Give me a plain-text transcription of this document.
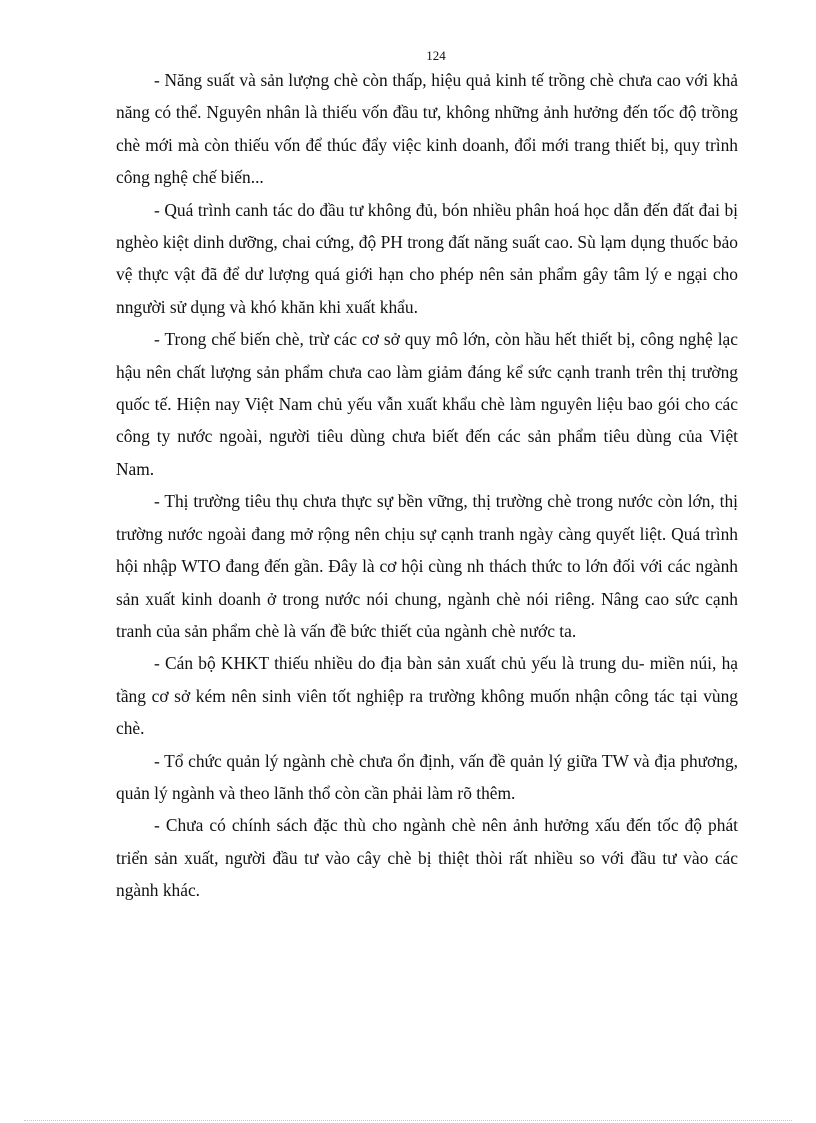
124

- Năng suất và sản lượng chè còn thấp, hiệu quả kinh tế trồng chè chưa cao với khả năng có thể. Nguyên nhân là thiếu vốn đầu tư, không những ảnh hưởng đến tốc độ trồng chè mới mà còn thiếu vốn để thúc đẩy việc kinh doanh, đổi mới trang thiết bị, quy trình công nghệ chế biến...

- Quá trình canh tác do đầu tư không đủ, bón nhiều phân hoá học dẫn đến đất đai bị nghèo kiệt dinh dưỡng, chai cứng, độ PH trong đất năng suất cao. Sù lạm dụng thuốc bảo vệ thực vật đã để dư lượng quá giới hạn cho phép nên sản phẩm gây tâm lý e ngại cho nngười sử dụng và khó khăn khi xuất khẩu.

- Trong chế biến chè, trừ các cơ sở quy mô lớn, còn hầu hết thiết bị, công nghệ lạc hậu nên chất lượng sản phẩm chưa cao làm giảm đáng kể sức cạnh tranh trên thị trường quốc tế. Hiện nay Việt Nam chủ yếu vẫn xuất khẩu chè làm nguyên liệu bao gói cho các công ty nước ngoài, người tiêu dùng chưa biết đến các sản phẩm tiêu dùng của Việt Nam.

- Thị trường tiêu thụ chưa thực sự bền vững, thị trường chè trong nước còn lớn, thị trường nước ngoài đang mở rộng nên chịu sự cạnh tranh ngày càng quyết liệt. Quá trình hội nhập WTO đang đến gần. Đây là cơ hội cùng nh thách thức to lớn đối với các ngành sản xuất kinh doanh ở trong nước nói chung, ngành chè nói riêng. Nâng cao sức cạnh tranh của sản phẩm chè là vấn đề bức thiết của ngành chè nước ta.

- Cán bộ KHKT thiếu nhiều do địa bàn sản xuất chủ yếu là trung du- miền núi, hạ tầng cơ sở kém nên sinh viên tốt nghiệp ra trường không muốn nhận công tác tại vùng chè.

- Tổ chức quản lý ngành chè chưa ổn định, vấn đề quản lý giữa TW và địa phương, quản lý ngành và theo lãnh thổ còn cần phải làm rõ thêm.

- Chưa có chính sách đặc thù cho ngành chè nên ảnh hưởng xấu đến tốc độ phát triển sản xuất, người đầu tư vào cây chè bị thiệt thòi rất nhiều so với đầu tư vào các ngành khác.
